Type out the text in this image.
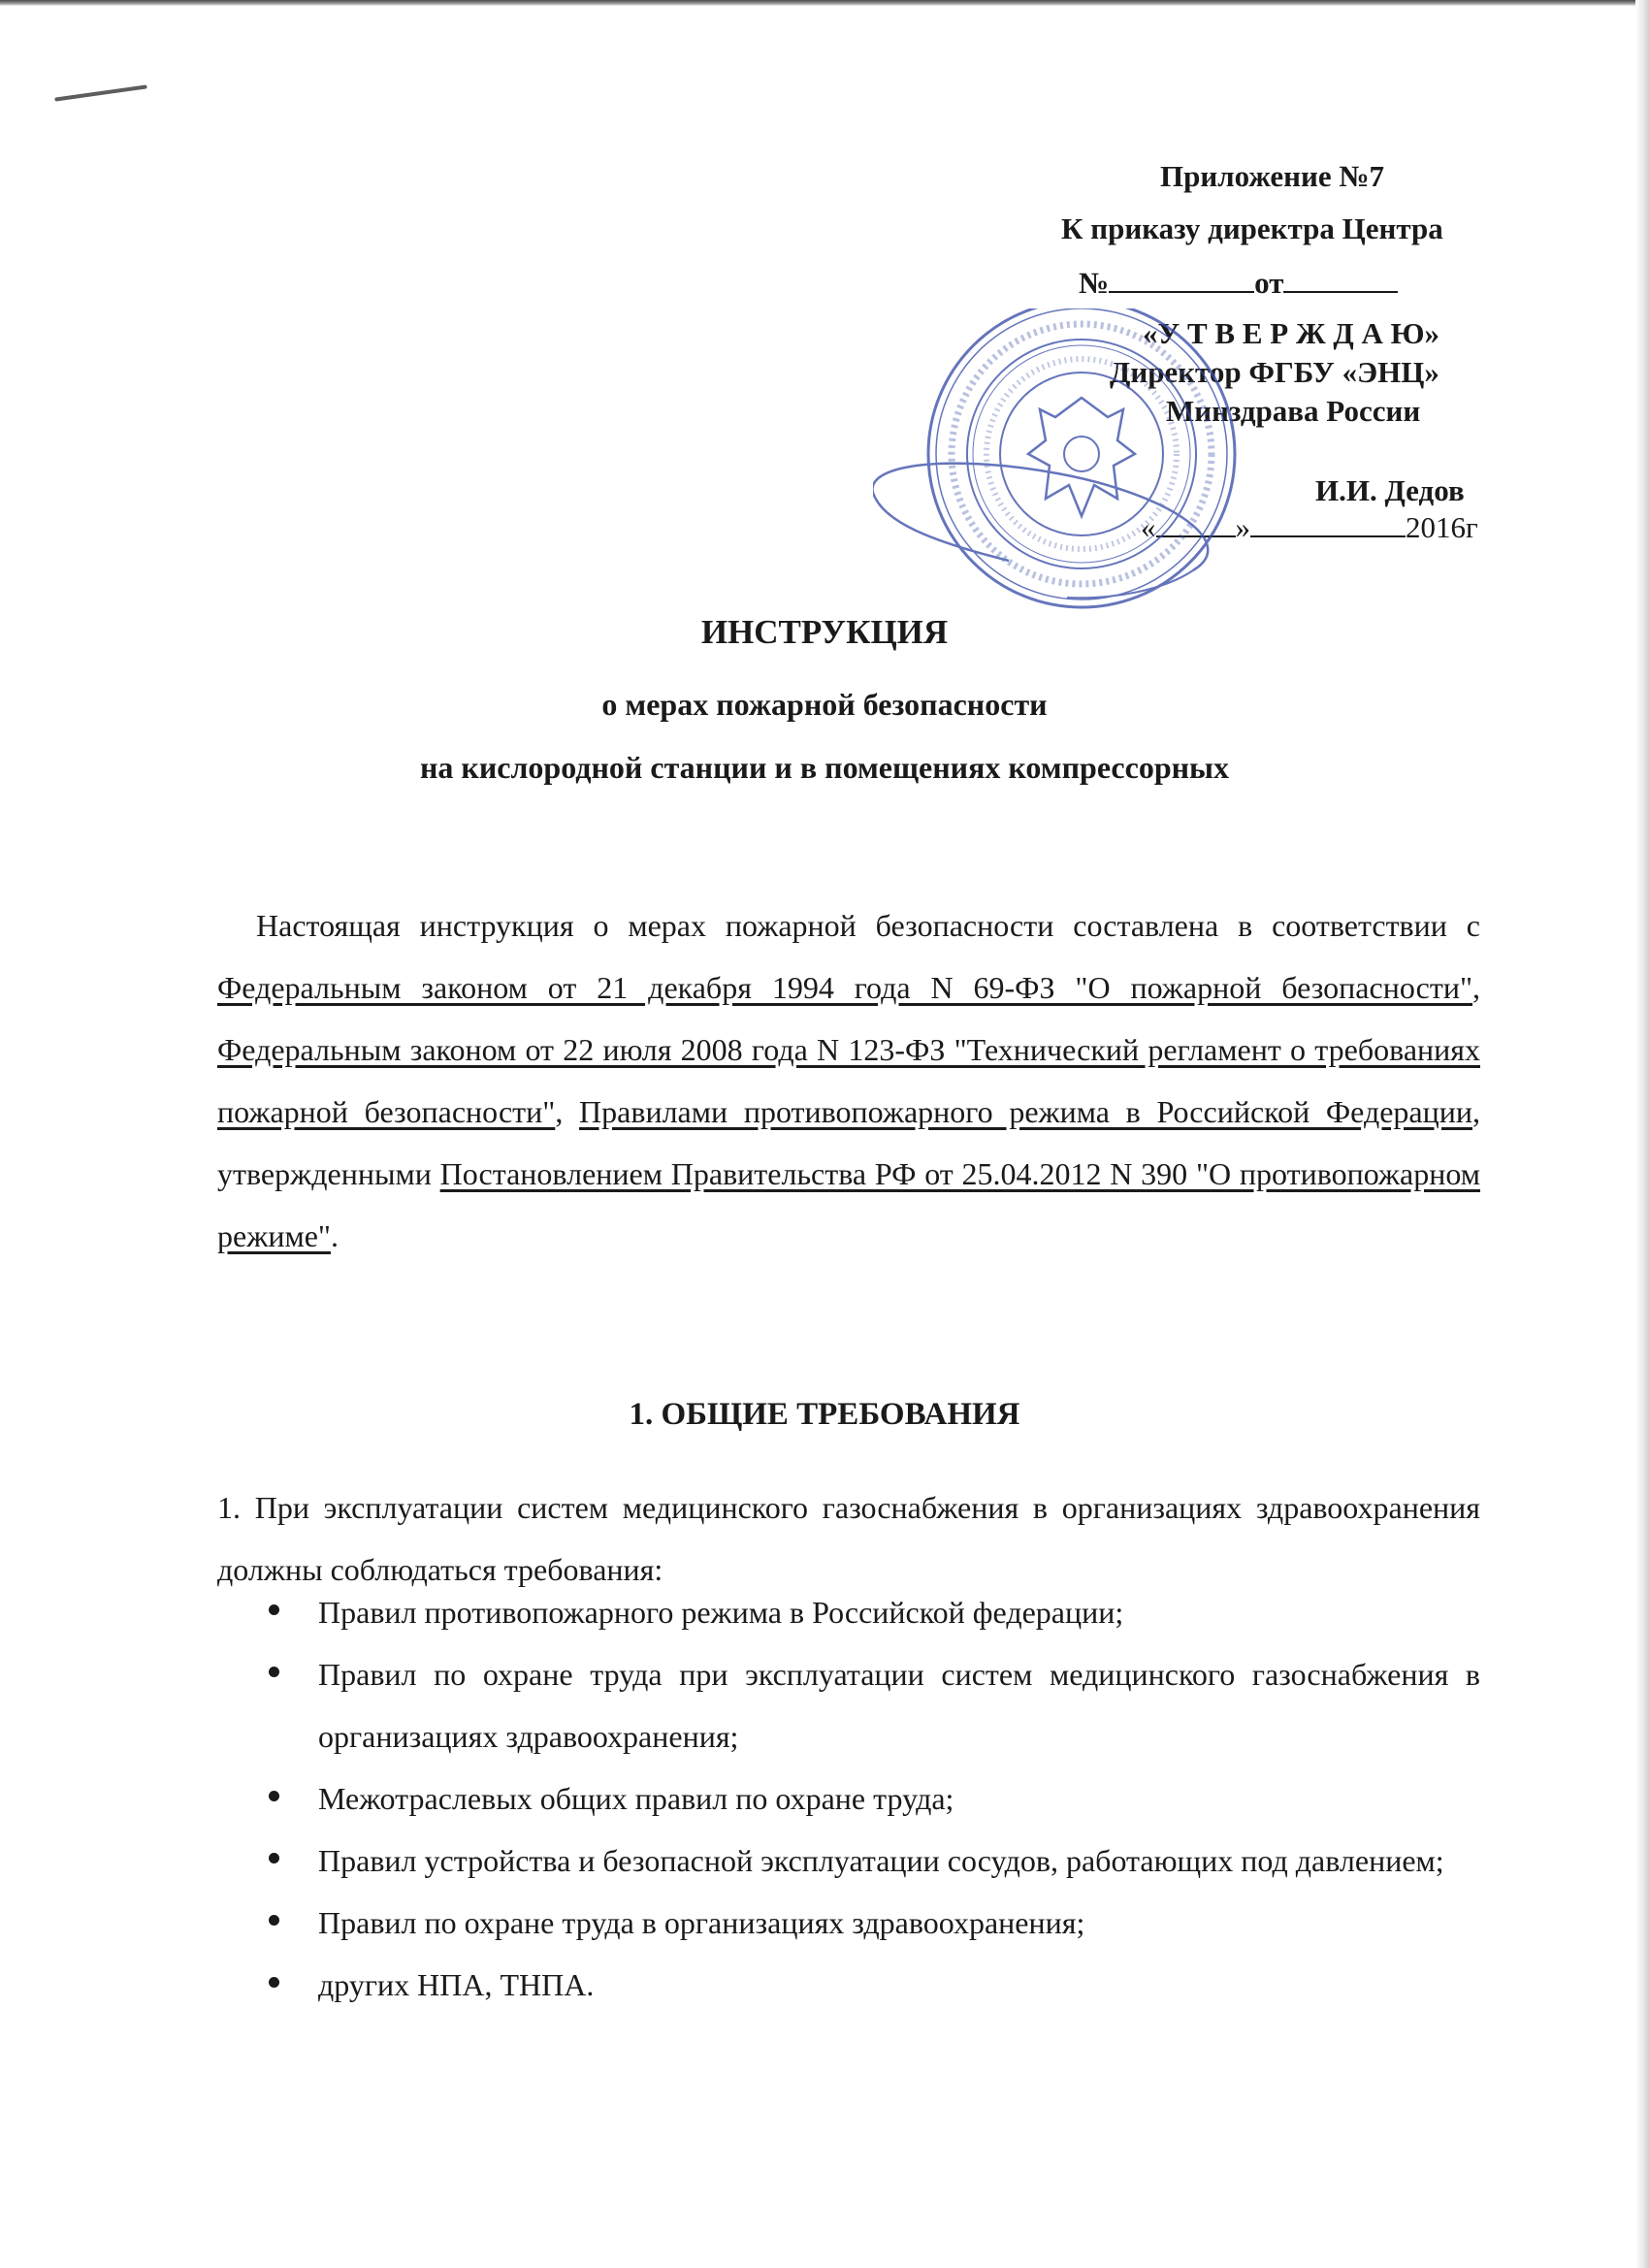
Приложение №7
К приказу директра Центра
№	от
«У Т В Е Р Ж Д А Ю»
Директор ФГБУ «ЭНЦ»
Минздрава России
И.И. Дедов
«	»	2016г
ИНСТРУКЦИЯ
о мерах пожарной безопасности
на кислородной станции и в помещениях компрессорных

Настоящая инструкция о мерах пожарной безопасности составлена в соответствии с Федеральным законом от 21 декабря 1994 года N 69-ФЗ "О пожарной безопасности", Федеральным законом от 22 июля 2008 года N 123-ФЗ "Технический регламент о требованиях пожарной безопасности", Правилами противопожарного режима в Российской Федерации, утвержденными Постановлением Правительства РФ от 25.04.2012 N 390 "О противопожарном режиме".

1. ОБЩИЕ ТРЕБОВАНИЯ

1. При эксплуатации систем медицинского газоснабжения в организациях здравоохранения должны соблюдаться требования:

Правил противопожарного режима в Российской федерации;
Правил по охране труда при эксплуатации систем медицинского газоснабжения в организациях здравоохранения;
Межотраслевых общих правил по охране труда;
Правил устройства и безопасной эксплуатации сосудов, работающих под давлением;
Правил по охране труда в организациях здравоохранения;
других НПА, ТНПА.
